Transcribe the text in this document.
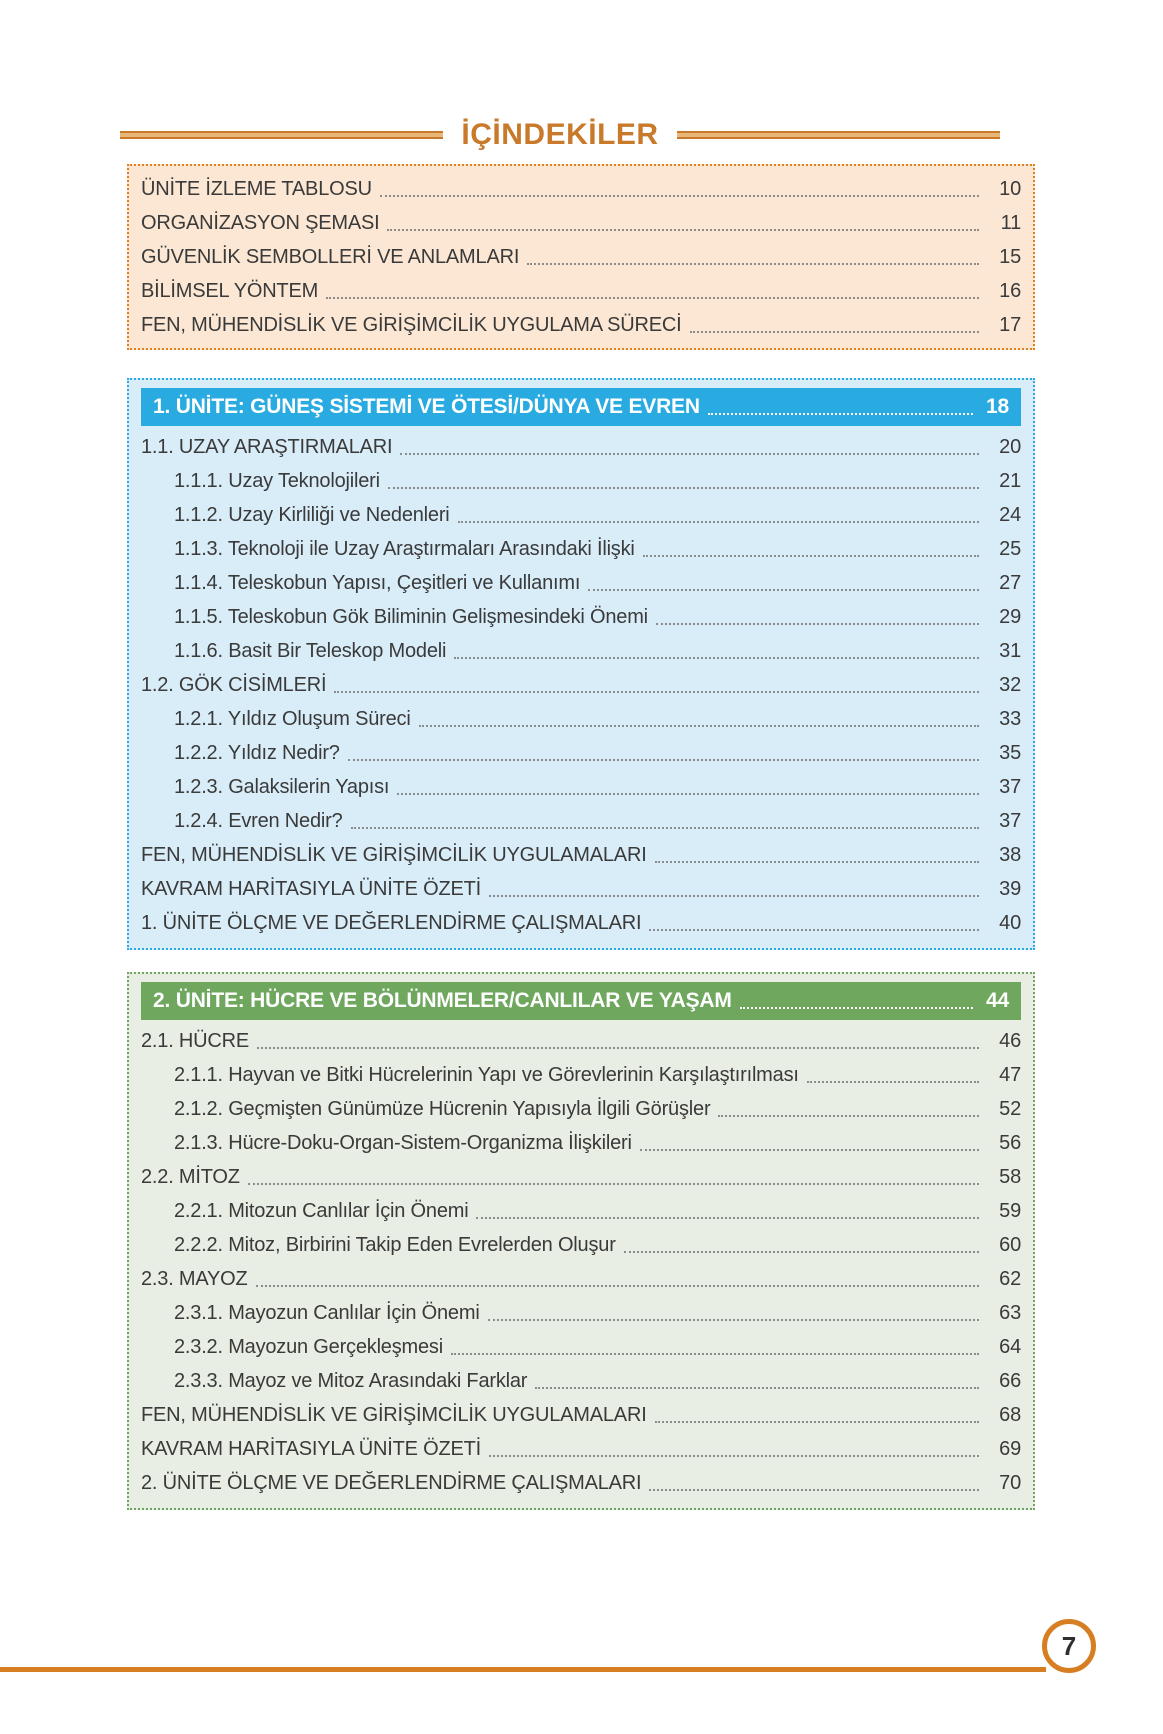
İÇİNDEKİLER
ÜNİTE İZLEME TABLOSU	10
ORGANİZASYON ŞEMASI	11
GÜVENLİK SEMBOLLERİ VE ANLAMLARI	15
BİLİMSEL YÖNTEM	16
FEN, MÜHENDİSLİK VE GİRİŞİMCİLİK UYGULAMA SÜRECİ	17
1. ÜNİTE: GÜNEŞ SİSTEMİ VE ÖTESİ/DÜNYA VE EVREN	18
1.1. UZAY ARAŞTIRMALARI	20
1.1.1. Uzay Teknolojileri	21
1.1.2. Uzay Kirliliği ve Nedenleri	24
1.1.3. Teknoloji ile Uzay Araştırmaları Arasındaki İlişki	25
1.1.4. Teleskobun Yapısı, Çeşitleri ve Kullanımı	27
1.1.5. Teleskobun Gök Biliminin Gelişmesindeki Önemi	29
1.1.6. Basit Bir Teleskop Modeli	31
1.2. GÖK CİSİMLERİ	32
1.2.1. Yıldız Oluşum Süreci	33
1.2.2. Yıldız Nedir?	35
1.2.3. Galaksilerin Yapısı	37
1.2.4. Evren Nedir?	37
FEN, MÜHENDİSLİK VE GİRİŞİMCİLİK UYGULAMALARI	38
KAVRAM HARİTASIYLA ÜNİTE ÖZETİ	39
1. ÜNİTE ÖLÇME VE DEĞERLENDİRME ÇALIŞMALARI	40
2. ÜNİTE: HÜCRE VE BÖLÜNMELER/CANLILAR VE YAŞAM	44
2.1. HÜCRE	46
2.1.1. Hayvan ve Bitki Hücrelerinin Yapı ve Görevlerinin Karşılaştırılması	47
2.1.2. Geçmişten Günümüze Hücrenin Yapısıyla İlgili Görüşler	52
2.1.3. Hücre-Doku-Organ-Sistem-Organizma İlişkileri	56
2.2. MİTOZ	58
2.2.1. Mitozun Canlılar İçin Önemi	59
2.2.2. Mitoz, Birbirini Takip Eden Evrelerden Oluşur	60
2.3. MAYOZ	62
2.3.1. Mayozun Canlılar İçin Önemi	63
2.3.2. Mayozun Gerçekleşmesi	64
2.3.3. Mayoz ve Mitoz Arasındaki Farklar	66
FEN, MÜHENDİSLİK VE GİRİŞİMCİLİK UYGULAMALARI	68
KAVRAM HARİTASIYLA ÜNİTE ÖZETİ	69
2. ÜNİTE ÖLÇME VE DEĞERLENDİRME ÇALIŞMALARI	70
7
